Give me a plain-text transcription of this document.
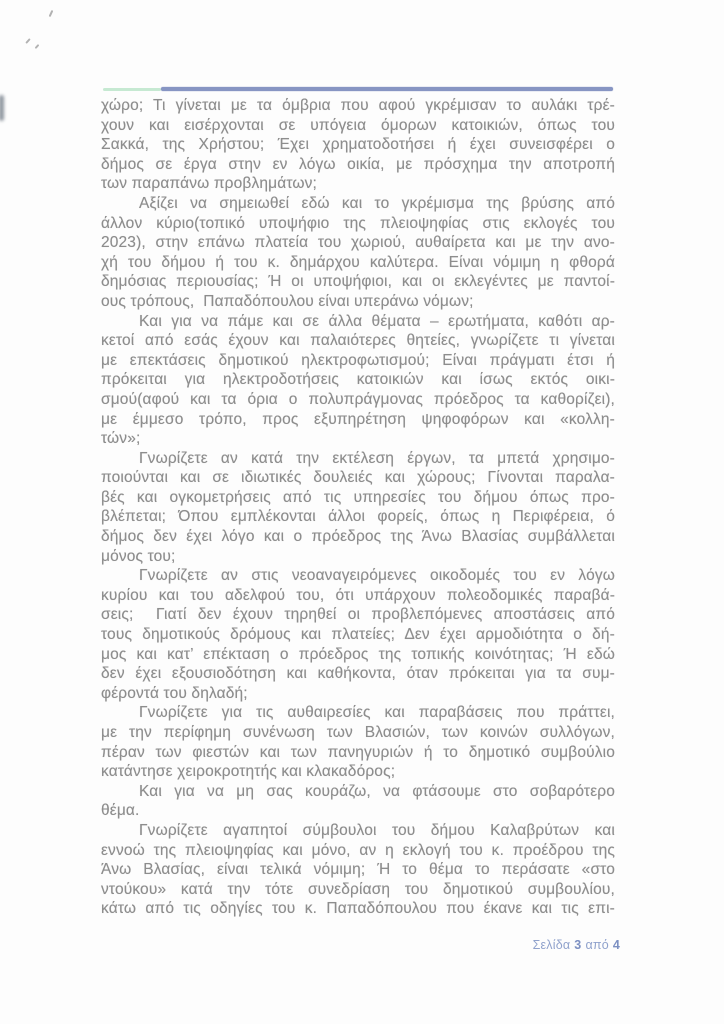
χώρο; Τι γίνεται με τα όμβρια που αφού γκρέμισαν το αυλάκι τρέ-
χουν και εισέρχονται σε υπόγεια όμορων κατοικιών, όπως του
Σακκά, της Χρήστου; Έχει χρηματοδοτήσει ή έχει συνεισφέρει ο
δήμος σε έργα στην εν λόγω οικία, με πρόσχημα την αποτροπή
των παραπάνω προβλημάτων;

Αξίζει να σημειωθεί εδώ και το γκρέμισμα της βρύσης από
άλλον κύριο(τοπικό υποψήφιο της πλειοψηφίας στις εκλογές του
2023), στην επάνω πλατεία του χωριού, αυθαίρετα και με την ανο-
χή του δήμου ή του κ. δημάρχου καλύτερα. Είναι νόμιμη η φθορά
δημόσιας περιουσίας; Ή οι υποψήφιοι, και οι εκλεγέντες με παντοί-
ους τρόπους,  Παπαδόπουλου είναι υπεράνω νόμων;

Και για να πάμε και σε άλλα θέματα – ερωτήματα, καθότι αρ-
κετοί από εσάς έχουν και παλαιότερες θητείες, γνωρίζετε τι γίνεται
με επεκτάσεις δημοτικού ηλεκτροφωτισμού; Είναι πράγματι έτσι ή
πρόκειται για ηλεκτροδοτήσεις κατοικιών και ίσως εκτός οικι-
σμού(αφού και τα όρια ο πολυπράγμονας πρόεδρος τα καθορίζει),
με έμμεσο τρόπο, προς εξυπηρέτηση ψηφοφόρων και «κολλη-
τών»;

Γνωρίζετε αν κατά την εκτέλεση έργων, τα μπετά χρησιμο-
ποιούνται και σε ιδιωτικές δουλειές και χώρους; Γίνονται παραλα-
βές και ογκομετρήσεις από τις υπηρεσίες του δήμου όπως προ-
βλέπεται; Όπου εμπλέκονται άλλοι φορείς, όπως η Περιφέρεια, ό
δήμος δεν έχει λόγο και ο πρόεδρος της Άνω Βλασίας συμβάλλεται
μόνος του;

Γνωρίζετε αν στις νεοαναγειρόμενες οικοδομές του εν λόγω
κυρίου και του αδελφού του, ότι υπάρχουν πολεοδομικές παραβά-
σεις;  Γιατί δεν έχουν τηρηθεί οι προβλεπόμενες αποστάσεις από
τους δημοτικούς δρόμους και πλατείες; Δεν έχει αρμοδιότητα ο δή-
μος και κατ’ επέκταση ο πρόεδρος της τοπικής κοινότητας; Ή εδώ
δεν έχει εξουσιοδότηση και καθήκοντα, όταν πρόκειται για τα συμ-
φέροντά του δηλαδή;

Γνωρίζετε για τις αυθαιρεσίες και παραβάσεις που πράττει,
με την περίφημη συνένωση των Βλασιών, των κοινών συλλόγων,
πέραν των φιεστών και των πανηγυριών ή το δημοτικό συμβούλιο
κατάντησε χειροκροτητής και κλακαδόρος;

Και για να μη σας κουράζω, να φτάσουμε στο σοβαρότερο
θέμα.

Γνωρίζετε αγαπητοί σύμβουλοι του δήμου Καλαβρύτων και
εννοώ της πλειοψηφίας και μόνο, αν η εκλογή του κ. προέδρου της
Άνω Βλασίας, είναι τελικά νόμιμη; Ή το θέμα το περάσατε «στο
ντούκου» κατά την τότε συνεδρίαση του δημοτικού συμβουλίου,
κάτω από τις οδηγίες του κ. Παπαδόπουλου που έκανε και τις επι-

Σελίδα 3 από 4
